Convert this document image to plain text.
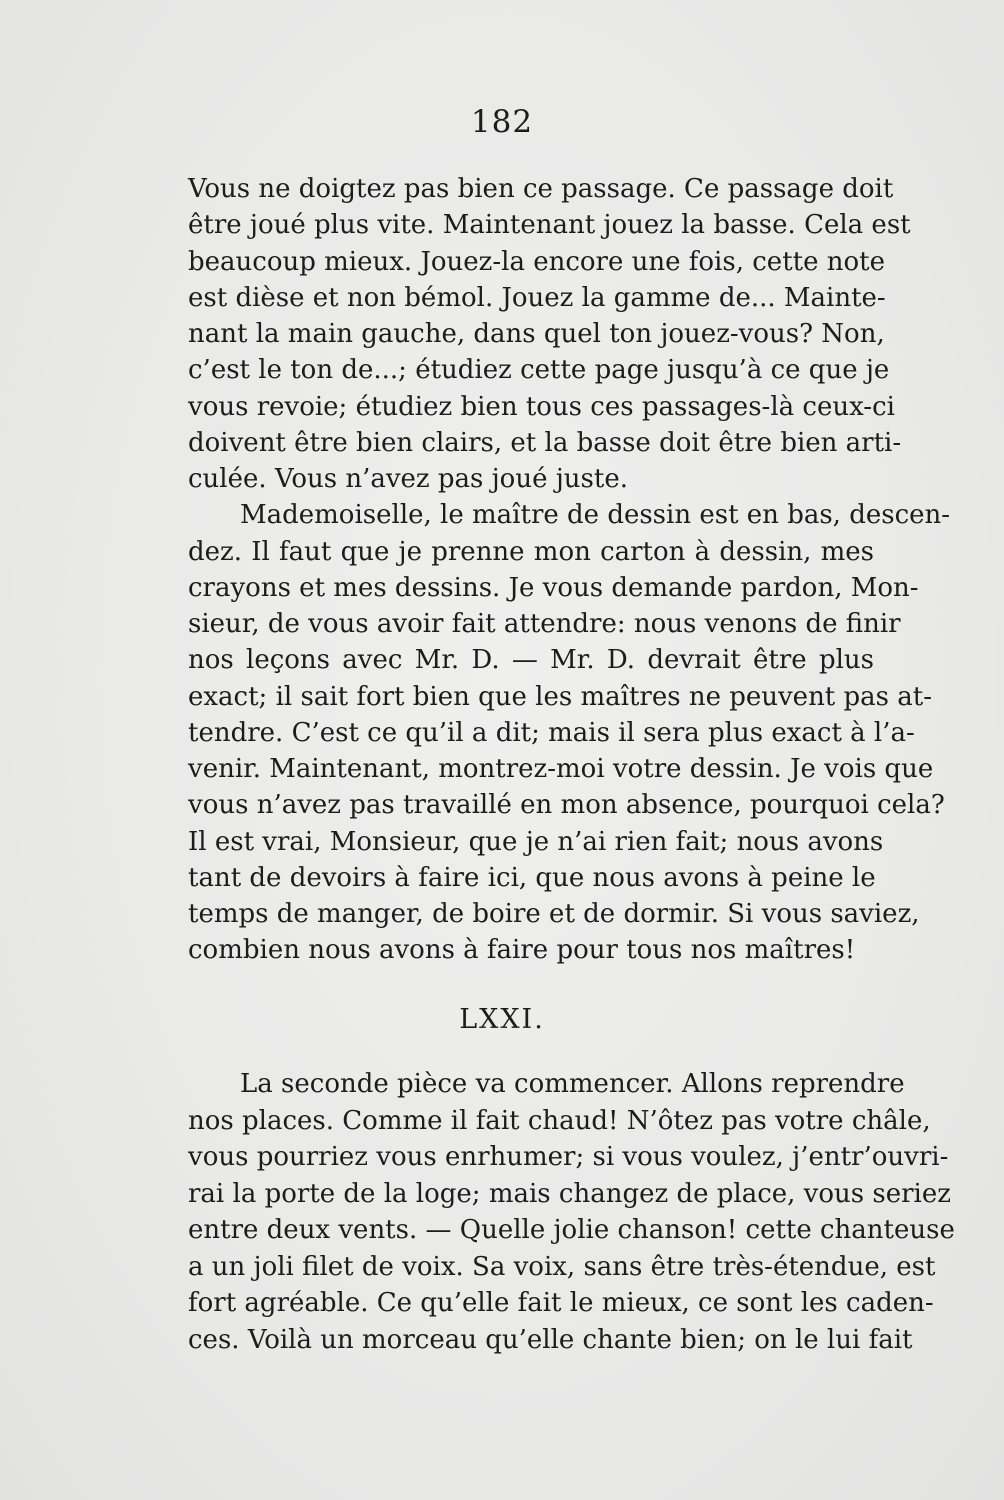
182
Vous ne doigtez pas bien ce passage. Ce passage doit
être joué plus vite. Maintenant jouez la basse. Cela est
beaucoup mieux. Jouez-la encore une fois, cette note
est dièse et non bémol. Jouez la gamme de... Mainte-
nant la main gauche, dans quel ton jouez-vous? Non,
c’est le ton de...; étudiez cette page jusqu’à ce que je
vous revoie; étudiez bien tous ces passages-là ceux-ci
doivent être bien clairs, et la basse doit être bien arti-
culée. Vous n’avez pas joué juste.
Mademoiselle, le maître de dessin est en bas, descen-
dez. Il faut que je prenne mon carton à dessin, mes
crayons et mes dessins. Je vous demande pardon, Mon-
sieur, de vous avoir fait attendre: nous venons de finir
nos leçons avec Mr. D. — Mr. D. devrait être plus
exact; il sait fort bien que les maîtres ne peuvent pas at-
tendre. C’est ce qu’il a dit; mais il sera plus exact à l’a-
venir. Maintenant, montrez-moi votre dessin. Je vois que
vous n’avez pas travaillé en mon absence, pourquoi cela?
Il est vrai, Monsieur, que je n’ai rien fait; nous avons
tant de devoirs à faire ici, que nous avons à peine le
temps de manger, de boire et de dormir. Si vous saviez,
combien nous avons à faire pour tous nos maîtres!
LXXI.
La seconde pièce va commencer. Allons reprendre
nos places. Comme il fait chaud! N’ôtez pas votre châle,
vous pourriez vous enrhumer; si vous voulez, j’entr’ouvri-
rai la porte de la loge; mais changez de place, vous seriez
entre deux vents. — Quelle jolie chanson! cette chanteuse
a un joli filet de voix. Sa voix, sans être très-étendue, est
fort agréable. Ce qu’elle fait le mieux, ce sont les caden-
ces. Voilà un morceau qu’elle chante bien; on le lui fait
